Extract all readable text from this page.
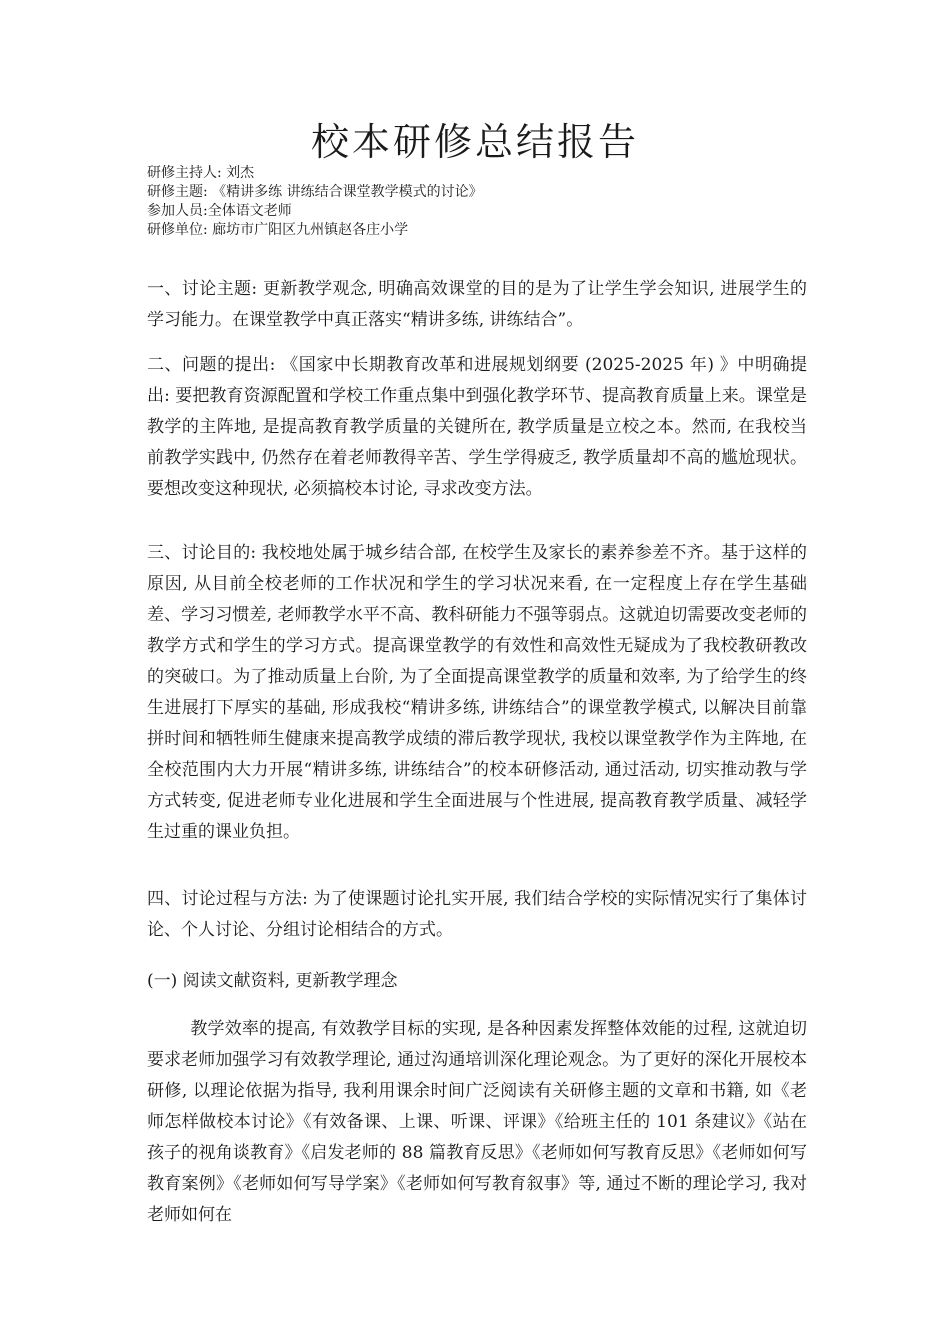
校本研修总结报告
研修主持人: 刘杰
研修主题: 《精讲多练 讲练结合课堂教学模式的讨论》
参加人员:全体语文老师
研修单位: 廊坊市广阳区九州镇赵各庄小学

一、讨论主题: 更新教学观念, 明确高效课堂的目的是为了让学生学会知识, 进展学生的学习能力。在课堂教学中真正落实“精讲多练, 讲练结合”。

二、问题的提出: 《国家中长期教育改革和进展规划纲要 (2025-2025 年) 》中明确提出: 要把教育资源配置和学校工作重点集中到强化教学环节、提高教育质量上来。课堂是教学的主阵地, 是提高教育教学质量的关键所在, 教学质量是立校之本。然而, 在我校当前教学实践中, 仍然存在着老师教得辛苦、学生学得疲乏, 教学质量却不高的尴尬现状。要想改变这种现状, 必须搞校本讨论, 寻求改变方法。

三、讨论目的: 我校地处属于城乡结合部, 在校学生及家长的素养参差不齐。基于这样的原因, 从目前全校老师的工作状况和学生的学习状况来看, 在一定程度上存在学生基础差、学习习惯差, 老师教学水平不高、教科研能力不强等弱点。这就迫切需要改变老师的教学方式和学生的学习方式。提高课堂教学的有效性和高效性无疑成为了我校教研教改的突破口。为了推动质量上台阶, 为了全面提高课堂教学的质量和效率, 为了给学生的终生进展打下厚实的基础, 形成我校“精讲多练, 讲练结合”的课堂教学模式, 以解决目前靠拼时间和牺牲师生健康来提高教学成绩的滞后教学现状, 我校以课堂教学作为主阵地, 在全校范围内大力开展“精讲多练, 讲练结合”的校本研修活动, 通过活动, 切实推动教与学方式转变, 促进老师专业化进展和学生全面进展与个性进展, 提高教育教学质量、减轻学生过重的课业负担。

四、讨论过程与方法: 为了使课题讨论扎实开展, 我们结合学校的实际情况实行了集体讨论、个人讨论、分组讨论相结合的方式。

(一) 阅读文献资料, 更新教学理念

教学效率的提高, 有效教学目标的实现, 是各种因素发挥整体效能的过程, 这就迫切要求老师加强学习有效教学理论, 通过沟通培训深化理论观念。为了更好的深化开展校本研修, 以理论依据为指导, 我利用课余时间广泛阅读有关研修主题的文章和书籍, 如《老师怎样做校本讨论》《有效备课、上课、听课、评课》《给班主任的 101 条建议》《站在孩子的视角谈教育》《启发老师的 88 篇教育反思》《老师如何写教育反思》《老师如何写教育案例》《老师如何写导学案》《老师如何写教育叙事》等, 通过不断的理论学习, 我对老师如何在
